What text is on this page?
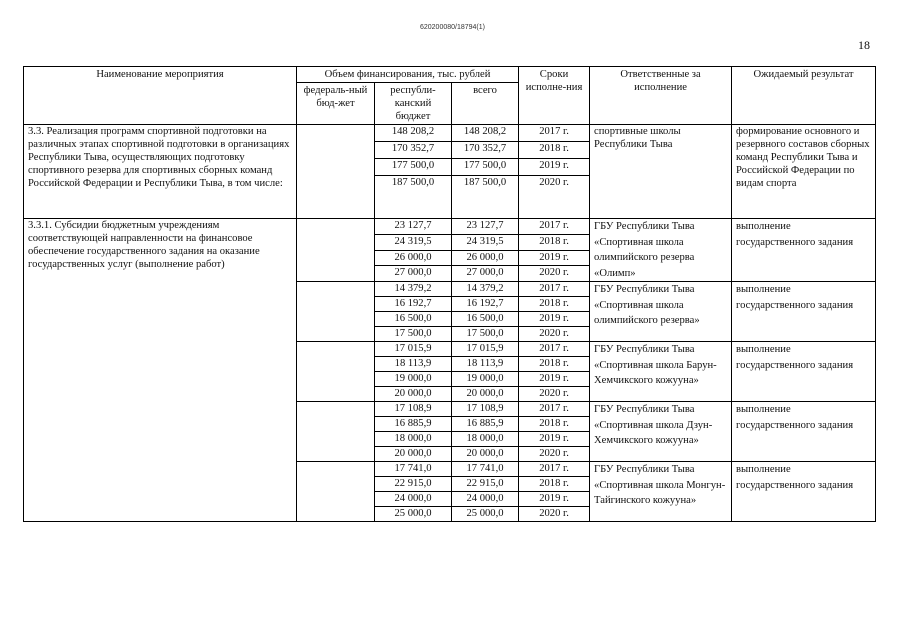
620200080/18794(1)
18
Наименование мероприятия	Объем финансирования, тыс. рублей			Сроки исполне-ния	Ответственные за исполнение	Ожидаемый результат
	федераль-ный бюд-жет	республи-канский бюджет	всего			
3.3. Реализация программ спортивной подготовки на различных этапах спортивной подготовки в организациях Республики Тыва, осуществляющих подготовку спортивного резерва для спортивных сборных команд Российской Федерации и Республики Тыва, в том числе:		148 208,2	148 208,2	2017 г.	спортивные школы Республики Тыва	формирование основного и резервного составов сборных команд Республики Тыва и Российской Федерации по видам спорта
		170 352,7	170 352,7	2018 г.		
		177 500,0	177 500,0	2019 г.		
		187 500,0	187 500,0	2020 г.		
3.3.1. Субсидии бюджетным учреждениям соответствующей направленности на финансовое обеспечение государственного задания на оказание государственных услуг (выполнение работ)		23 127,7	23 127,7	2017 г.	ГБУ Республики Тыва «Спортивная школа олимпийского резерва «Олимп»	выполнение государственного задания
		24 319,5	24 319,5	2018 г.		
		26 000,0	26 000,0	2019 г.		
		27 000,0	27 000,0	2020 г.		
		14 379,2	14 379,2	2017 г.	ГБУ Республики Тыва «Спортивная школа олимпийского резерва»	выполнение государственного задания
		16 192,7	16 192,7	2018 г.		
		16 500,0	16 500,0	2019 г.		
		17 500,0	17 500,0	2020 г.		
		17 015,9	17 015,9	2017 г.	ГБУ Республики Тыва «Спортивная школа Барун-Хемчикского кожууна»	выполнение государственного задания
		18 113,9	18 113,9	2018 г.		
		19 000,0	19 000,0	2019 г.		
		20 000,0	20 000,0	2020 г.		
		17 108,9	17 108,9	2017 г.	ГБУ Республики Тыва «Спортивная школа Дзун-Хемчикского кожууна»	выполнение государственного задания
		16 885,9	16 885,9	2018 г.		
		18 000,0	18 000,0	2019 г.		
		20 000,0	20 000,0	2020 г.		
		17 741,0	17 741,0	2017 г.	ГБУ Республики Тыва «Спортивная школа Монгун-Тайгинского кожууна»	выполнение государственного задания
		22 915,0	22 915,0	2018 г.		
		24 000,0	24 000,0	2019 г.		
		25 000,0	25 000,0	2020 г.		
